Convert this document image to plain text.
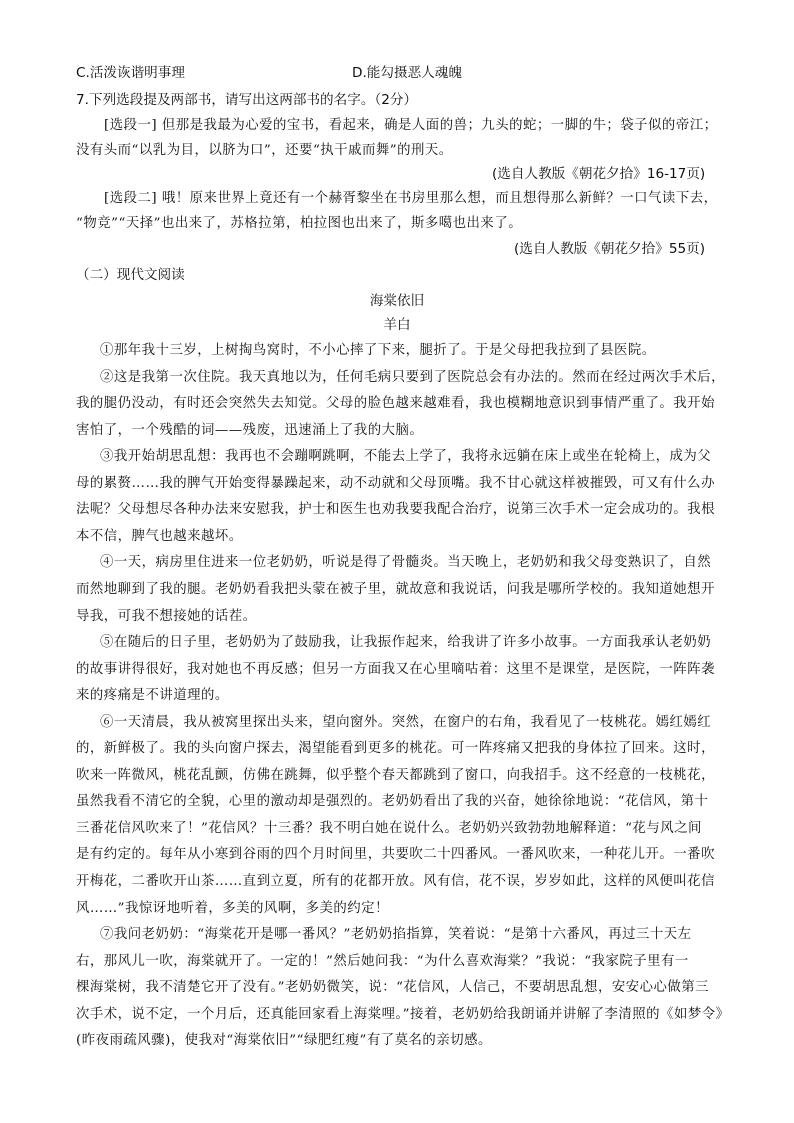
C.活泼诙谐明事理	D.能勾摄恶人魂魄
7.下列选段提及两部书，请写出这两部书的名字。（2分）
[选段一] 但那是我最为心爱的宝书，看起来，确是人面的兽；九头的蛇；一脚的牛；袋子似的帝江；
没有头而“以乳为目，以脐为口”，还要“执干戚而舞”的刑天。
(选自人教版《朝花夕拾》16-17页)
[选段二] 哦！原来世界上竟还有一个赫胥黎坐在书房里那么想，而且想得那么新鲜？一口气读下去，
“物竞”“天择”也出来了，苏格拉第，柏拉图也出来了，斯多噶也出来了。
(选自人教版《朝花夕拾》55页)
（二）现代文阅读
海棠依旧
羊白
①那年我十三岁，上树掏鸟窝时，不小心摔了下来，腿折了。于是父母把我拉到了县医院。
②这是我第一次住院。我天真地以为，任何毛病只要到了医院总会有办法的。然而在经过两次手术后，
我的腿仍没动，有时还会突然失去知觉。父母的脸色越来越难看，我也模糊地意识到事情严重了。我开始
害怕了，一个残酷的词——残废，迅速涌上了我的大脑。
③我开始胡思乱想：我再也不会蹦啊跳啊，不能去上学了，我将永远躺在床上或坐在轮椅上，成为父
母的累赘……我的脾气开始变得暴躁起来，动不动就和父母顶嘴。我不甘心就这样被摧毁，可又有什么办
法呢？父母想尽各种办法来安慰我，护士和医生也劝我要我配合治疗，说第三次手术一定会成功的。我根
本不信，脾气也越来越坏。
④一天，病房里住进来一位老奶奶，听说是得了骨髓炎。当天晚上，老奶奶和我父母变熟识了，自然
而然地聊到了我的腿。老奶奶看我把头蒙在被子里，就故意和我说话，问我是哪所学校的。我知道她想开
导我，可我不想接她的话茬。
⑤在随后的日子里，老奶奶为了鼓励我，让我振作起来，给我讲了许多小故事。一方面我承认老奶奶
的故事讲得很好，我对她也不再反感；但另一方面我又在心里嘀咕着：这里不是课堂，是医院，一阵阵袭
来的疼痛是不讲道理的。
⑥一天清晨，我从被窝里探出头来，望向窗外。突然，在窗户的右角，我看见了一枝桃花。嫣红嫣红
的，新鲜极了。我的头向窗户探去，渴望能看到更多的桃花。可一阵疼痛又把我的身体拉了回来。这时，
吹来一阵微风，桃花乱颤，仿佛在跳舞，似乎整个春天都跳到了窗口，向我招手。这不经意的一枝桃花，
虽然我看不清它的全貌，心里的激动却是强烈的。老奶奶看出了我的兴奋，她徐徐地说：“花信风，第十
三番花信风吹来了！”花信风？十三番？我不明白她在说什么。老奶奶兴致勃勃地解释道：“花与风之间
是有约定的。每年从小寒到谷雨的四个月时间里，共要吹二十四番风。一番风吹来，一种花儿开。一番吹
开梅花，二番吹开山茶……直到立夏，所有的花都开放。风有信，花不误，岁岁如此，这样的风便叫花信
风……”我惊讶地听着，多美的风啊，多美的约定！
⑦我问老奶奶：“海棠花开是哪一番风？”老奶奶掐指算，笑着说：“是第十六番风，再过三十天左
右，那风儿一吹，海棠就开了。一定的！”然后她问我：“为什么喜欢海棠？”我说：“我家院子里有一
棵海棠树，我不清楚它开了没有。”老奶奶微笑，说：“花信风，人信己，不要胡思乱想，安安心心做第三
次手术，说不定，一个月后，还真能回家看上海棠哩。”接着，老奶奶给我朗诵并讲解了李清照的《如梦令》
(昨夜雨疏风骤)，使我对“海棠依旧”“绿肥红瘦”有了莫名的亲切感。
